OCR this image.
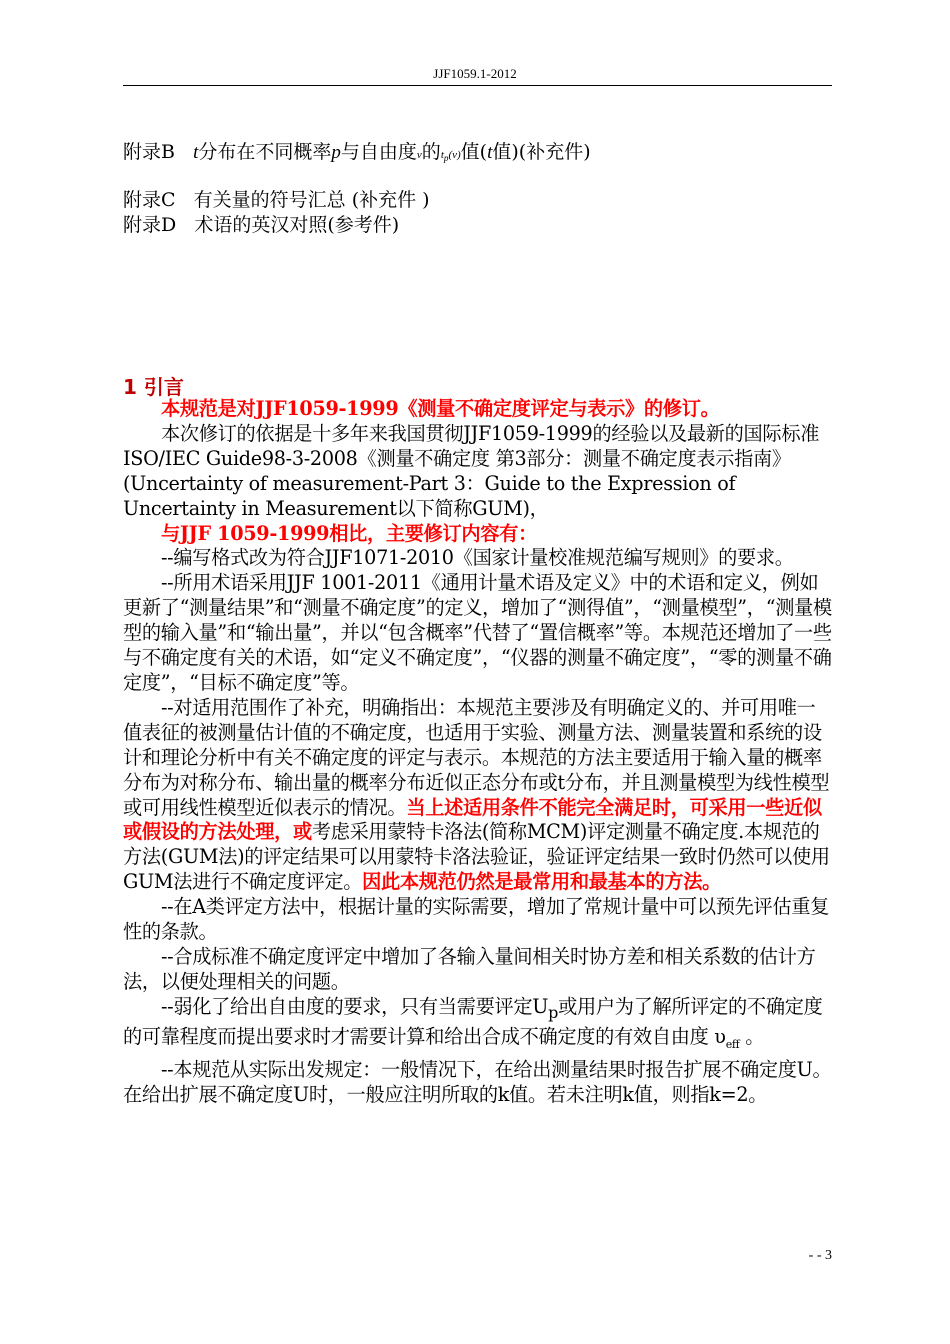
JJF1059.1-2012
附录B t分布在不同概率p与自由度ν的$t_p(\nu)$值(t值)(补充件)
附录C 有关量的符号汇总 (补充件 )
附录D 术语的英汉对照(参考件)
1 引言

本规范是对JJF1059-1999《测量不确定度评定与表示》的修订。

本次修订的依据是十多年来我国贯彻JJF1059-1999的经验以及最新的国际标准ISO/IEC Guide98-3-2008《测量不确定度 第3部分：测量不确定度表示指南》(Uncertainty of measurement-Part 3：Guide to the Expression of Uncertainty in Measurement以下简称GUM)，

与JJF 1059-1999相比，主要修订内容有：

--编写格式改为符合JJF1071-2010《国家计量校准规范编写规则》的要求。

--所用术语采用JJF 1001-2011《通用计量术语及定义》中的术语和定义，例如更新了“测量结果”和“测量不确定度”的定义，增加了“测得值”，“测量模型”，“测量模型的输入量”和“输出量”，并以“包含概率”代替了“置信概率”等。本规范还增加了一些与不确定度有关的术语，如“定义不确定度”，“仪器的测量不确定度”，“零的测量不确定度”，“目标不确定度”等。

--对适用范围作了补充，明确指出：本规范主要涉及有明确定义的、并可用唯一值表征的被测量估计值的不确定度，也适用于实验、测量方法、测量装置和系统的设计和理论分析中有关不确定度的评定与表示。本规范的方法主要适用于输入量的概率分布为对称分布、输出量的概率分布近似正态分布或t分布，并且测量模型为线性模型或可用线性模型近似表示的情况。当上述适用条件不能完全满足时，可采用一些近似或假设的方法处理，或考虑采用蒙特卡洛法(简称MCM)评定测量不确定度.本规范的方法(GUM法)的评定结果可以用蒙特卡洛法验证，验证评定结果一致时仍然可以使用GUM法进行不确定度评定。因此本规范仍然是最常用和最基本的方法。

--在A类评定方法中，根据计量的实际需要，增加了常规计量中可以预先评估重复性的条款。

--合成标准不确定度评定中增加了各输入量间相关时协方差和相关系数的估计方法，以便处理相关的问题。

--弱化了给出自由度的要求，只有当需要评定$U_p$或用户为了解所评定的不确定度的可靠程度而提出要求时才需要计算和给出合成不确定度的有效自由度 $\upsilon_{eff}$ 。

--本规范从实际出发规定：一般情况下，在给出测量结果时报告扩展不确定度U。在给出扩展不确定度U时，一般应注明所取的k值。若未注明k值，则指k=2。

- - 3
